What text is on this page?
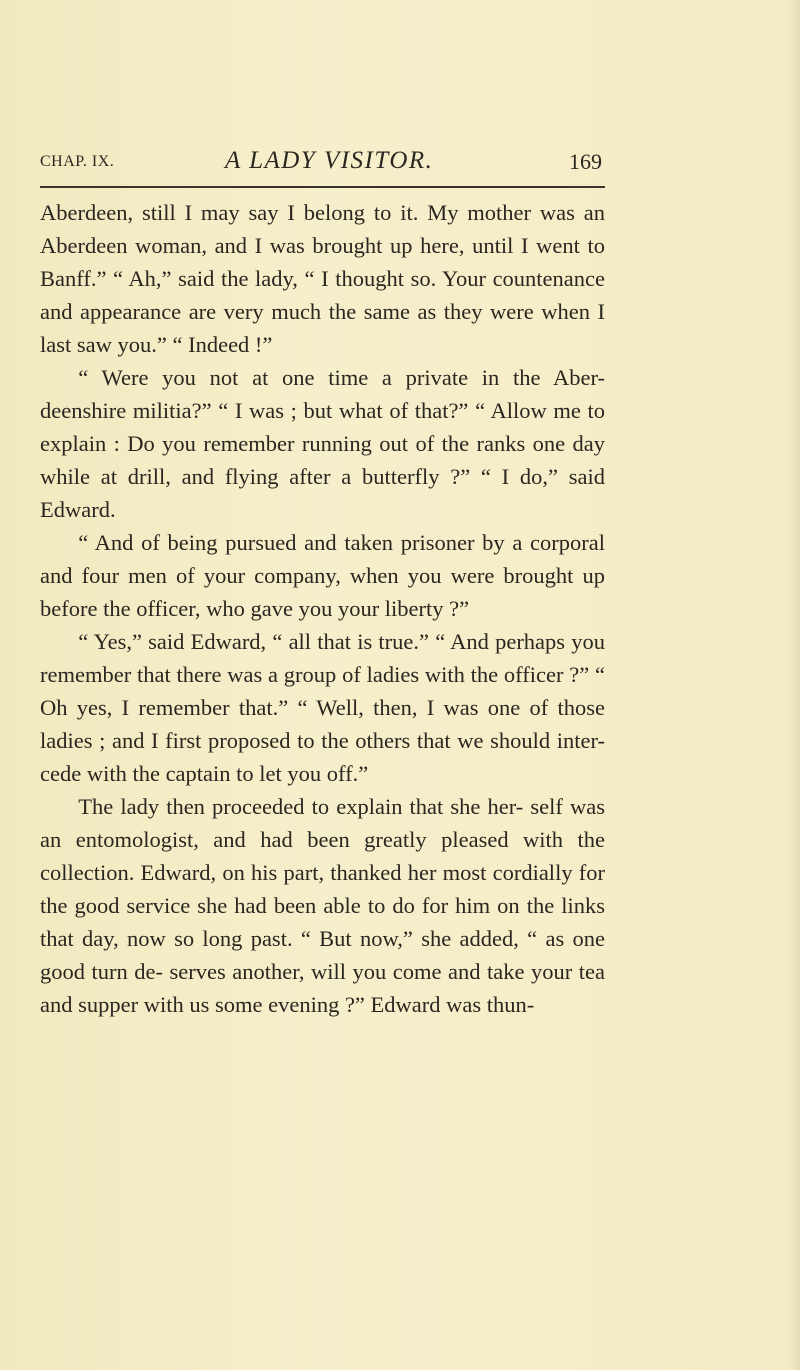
CHAP. IX.	A LADY VISITOR.	169

Aberdeen, still I may say I belong to it. My mother was an Aberdeen woman, and I was brought up here, until I went to Banff.” “ Ah,” said the lady, “ I thought so. Your countenance and appearance are very much the same as they were when I last saw you.” “ Indeed !”

“ Were you not at one time a private in the Aber- deenshire militia?” “ I was ; but what of that?” “ Allow me to explain : Do you remember running out of the ranks one day while at drill, and flying after a butterfly ?” “ I do,” said Edward.

“ And of being pursued and taken prisoner by a corporal and four men of your company, when you were brought up before the officer, who gave you your liberty ?”

“ Yes,” said Edward, “ all that is true.” “ And perhaps you remember that there was a group of ladies with the officer ?” “ Oh yes, I remember that.” “ Well, then, I was one of those ladies ; and I first proposed to the others that we should inter- cede with the captain to let you off.”

The lady then proceeded to explain that she her- self was an entomologist, and had been greatly pleased with the collection. Edward, on his part, thanked her most cordially for the good service she had been able to do for him on the links that day, now so long past. “ But now,” she added, “ as one good turn de- serves another, will you come and take your tea and supper with us some evening ?” Edward was thun-
